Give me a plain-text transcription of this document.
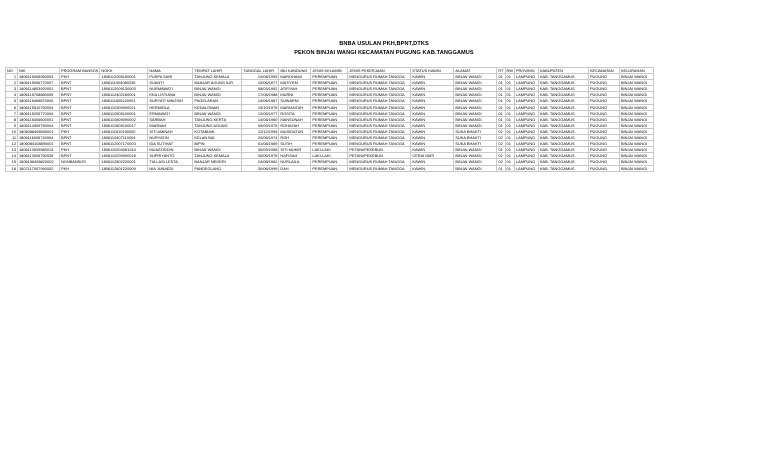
BNBA USULAN PKH,BPNT,DTKS
PEKON BINJAI WANGI KECAMATAN PUGUNG KAB.TANGGAMUS
NO	NIK	PROGRAM BANSOS	NOKK	NAMA	TEMPAT LAHIR	TANGGAL LAHIR	IBU KANDUNG	JENIS KELAMIN	JENIS PEKERJAAN	STATUS KAWIN	ALAMAT	RT	RW	PROVINSI	KABUPATEN	KECAMATAN	KELURAHAN
1	1806115008950003	PKH	1806112005150001	PUSPA SARI	TANJUNG KEMALA	10/08/1995	MAROHAMI	PEREMPUAN	MENGURUS RUMAH TANGGA	KAWIN	BINJAI WANGI	01	01	LAMPUNG	KAB. TANGGAMUS	PUGUNG	BINJAI WANGI
2	1806115006770007	BPNT	1806111004080235	SUANTI	BANJAR AGUNG ILIR	10/06/1977	MATIYEM	PEREMPUAN	MENGURUS RUMAH TANGGA	KAWIN	BINJAI WANGI	01	01	LAMPUNG	KAB. TANGGAMUS	PUGUNG	BINJAI WANGI
3	1806114803920001	BPNT	1806112009130003	NURMAWATI	BINJAI WANGI	08/03/1992	ATIFIYAH	PEREMPUAN	MENGURUS RUMAH TANGGA	KAWIN	BINJAI WANGI	01	01	LAMPUNG	KAB. TANGGAMUS	PUGUNG	BINJAI WANGI
4	1806115708880005	BPNT	1806112402160001	EKA LISTIANA	BINJAI WANGI	17/08/1988	MURNI	PEREMPUAN	MENGURUS RUMAH TANGGA	KAWIN	BINJAI WANGI	01	01	LAMPUNG	KAB. TANGGAMUS	PUGUNG	BINJAI WANGI
5	1806115406870005	BPNT	1806111605120001	SURYATI NINGSIH	PAGELARAN	14/06/1987	SUWARNI	PEREMPUAN	MENGURUS RUMAH TANGGA	KAWIN	BINJAI WANGI	01	01	LAMPUNG	KAB. TANGGAMUS	PUGUNG	BINJAI WANGI
6	1806115510750004	BPNT	1806110309090021	HERMIDLA	KEDALOMAN	15/10/1975	MARIANTAH	PEREMPUAN	MENGURUS RUMAH TANGGA	KAWIN	BINJAI WANGI	01	01	LAMPUNG	KAB. TANGGAMUS	PUGUNG	BINJAI WANGI
7	1806115205770004	BPNT	1806110505100001	ERMAWATI	BINJAI WANGI	12/05/1977	ROSITA	PEREMPUAN	MENGURUS RUMAH TANGGA	KAWIN	BINJAI WANGI	01	01	LAMPUNG	KAB. TANGGAMUS	PUGUNG	BINJAI WANGI
8	1806115406600001	BPNT	1806110809090002	SARBAH	TANJUNG KERTA	14/06/1960	MANSUNAH	PEREMPUAN	MENGURUS RUMAH TANGGA	KAWIN	BINJAI WANGI	01	01	LAMPUNG	KAB. TANGGAMUS	PUGUNG	BINJAI WANGI
9	1806114909750004	BPNT	1806112809100017	MARNAH	TANJUNG AGUNG	09/09/1975	ROHAYAH	PEREMPUAN	MENGURUS RUMAH TANGGA	KAWIN	BINJAI WANGI	01	01	LAMPUNG	KAB. TANGGAMUS	PUGUNG	BINJAI WANGI
10	1806086408940001	PKH	1806111810190002	SITI AMINAH	KOTABUMI	12/12/1994	MUSIDATUN	PEREMPUAN	MENGURUS RUMAH TANGGA	KAWIN	SUKA BHAKTI	02	01	LAMPUNG	KAB. TANGGAMUS	PUGUNG	BINJAI WANGI
11	1806116006740004	BPNT	1806110407110004	NURYATIN	KELAN BAI	20/06/1974	ROH	PEREMPUAN	MENGURUS RUMAH TANGGA	KAWIN	SUKA BHAKTI	02	01	LAMPUNG	KAB. TANGGAMUS	PUGUNG	BINJAI WANGI
12	1806084108890001	BPNT	1806112007170003	IDA SUTIHAT	BIPIN	01/08/1989	SUTIH	PEREMPUAN	MENGURUS RUMAH TANGGA	KAWIN	SUKA BHAKTI	02	01	LAMPUNG	KAB. TANGGAMUS	PUGUNG	BINJAI WANGI
13	1806113009580013	PKH	1806110204081244	MUAZZIDDIN	BINJAI WANGI	30/09/1958	SITI MUKIR	LAKI-LAKI	PETANI/PEKEBUN	KAWIN	BINJAI WANGI	01	01	LAMPUNG	KAB. TANGGAMUS	PUGUNG	BINJAI WANGI
14	1806113006750026	BPNT	1806110209090018	SUPRIYANTO	TANJUNG KEMALA	30/06/1975	NAFISAH	LAKI-LAKI	PETANI/PEKEBUN	CERAI MATI	BINJAI WANGI	02	01	LAMPUNG	KAB. TANGGAMUS	PUGUNG	BINJAI WANGI
15	1806156408620002	NONBANSOS	1806112802220001	TIA LASI LESTA	BANJAR NEGERI	24/08/1962	NURLAILA	PEREMPUAN	MENGURUS RUMAH TANGGA	KAWIN	BINJAI WANGI	02	01	LAMPUNG	KAB. TANGGAMUS	PUGUNG	BINJAI WANGI
16	1807117007990002	PKH	1806112601220009	NIA JUNAEDI	PANDEGLANG	30/06/1999	DAH	PEREMPUAN	MENGURUS RUMAH TANGGA	KAWIN	BINJAI WANGI	01	01	LAMPUNG	KAB. TANGGAMUS	PUGUNG	BINJAI WANGI
